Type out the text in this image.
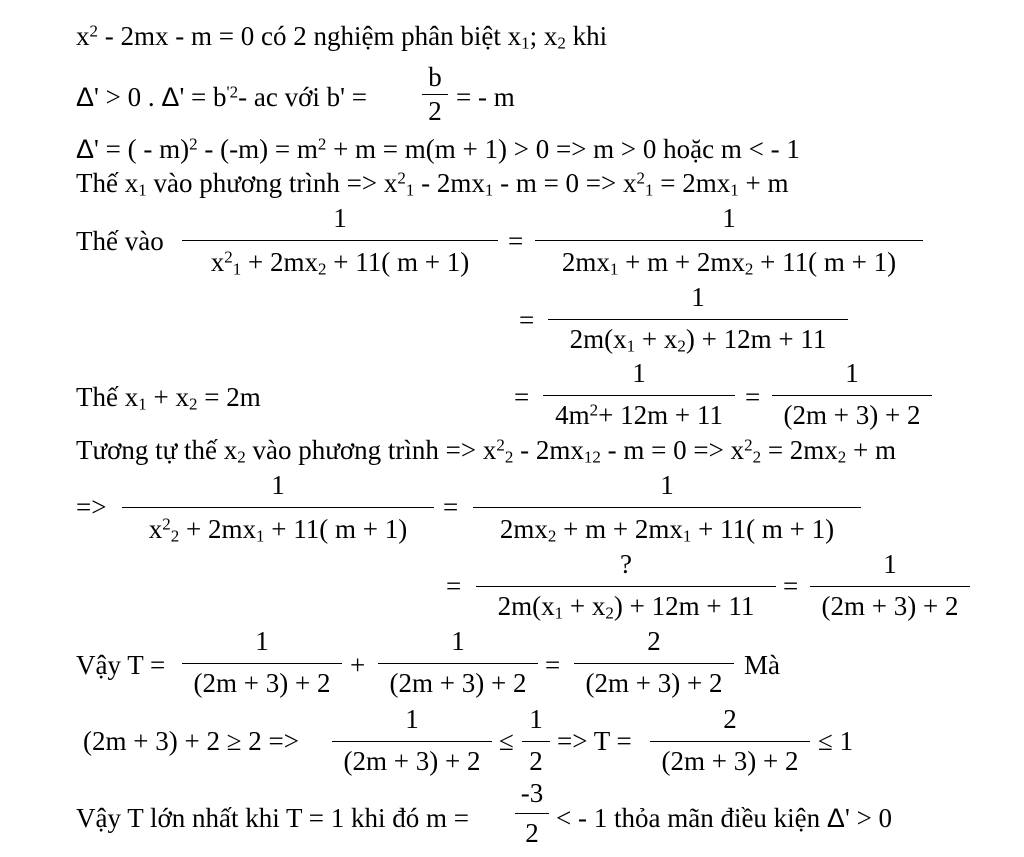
$x^2 - 2mx - m = 0$ có 2 nghiệm phân biệt $x_1$; $x_2$ khi
Δ' > 0 . $\Delta' = b^{'2}-$ ac với b' =
b
2 = - m
Δ' = ( - $m)^2 - (-m) = m^2 + m = m(m + 1) > 0 => m > 0$ hoặc m < - 1
Thế $x_1$ vào phương trình => $x^2_1 - 2mx_1 - m = 0 => x^2_1 = 2mx_1 + m$
Thế vào
1
$x^2_1 + 2mx_2 + 11$( m + 1)
=
1
$2mx_1 + m + 2mx_2 + 11$( m + 1)
=
1
$2m(x_1 + x_2) + 12m + 11$
Thế $x_1 + x_2 = 2m$	=
1
$4m^2+ 12m + 11$
=
1
(2m + 3) + 2
Tương tự thế $x_2$ vào phương trình => $x^2_2 - 2mx_{12} - m = 0 => x^2_2 = 2mx_2 + m$
=>
1
$x^2_2 + 2mx_1 + 11$( m + 1)
=
1
$2mx_2 + m + 2mx_1 + 11$( m + 1)
=
?
$2m(x_1 + x_2) + 12m + 11$
=
1
(2m + 3) + 2
Vậy T =
1
(2m + 3) + 2
+
1
(2m + 3) + 2
=
2
(2m + 3) + 2
Mà
(2m + 3) + 2 ≥ 2 =>
1
(2m + 3) + 2
≤
1
2
=> T =
2
(2m + 3) + 2
≤ 1
Vậy T lớn nhất khi T = 1 khi đó m =
-3
2 < - 1 thỏa mãn điều kiện Δ' > 0
